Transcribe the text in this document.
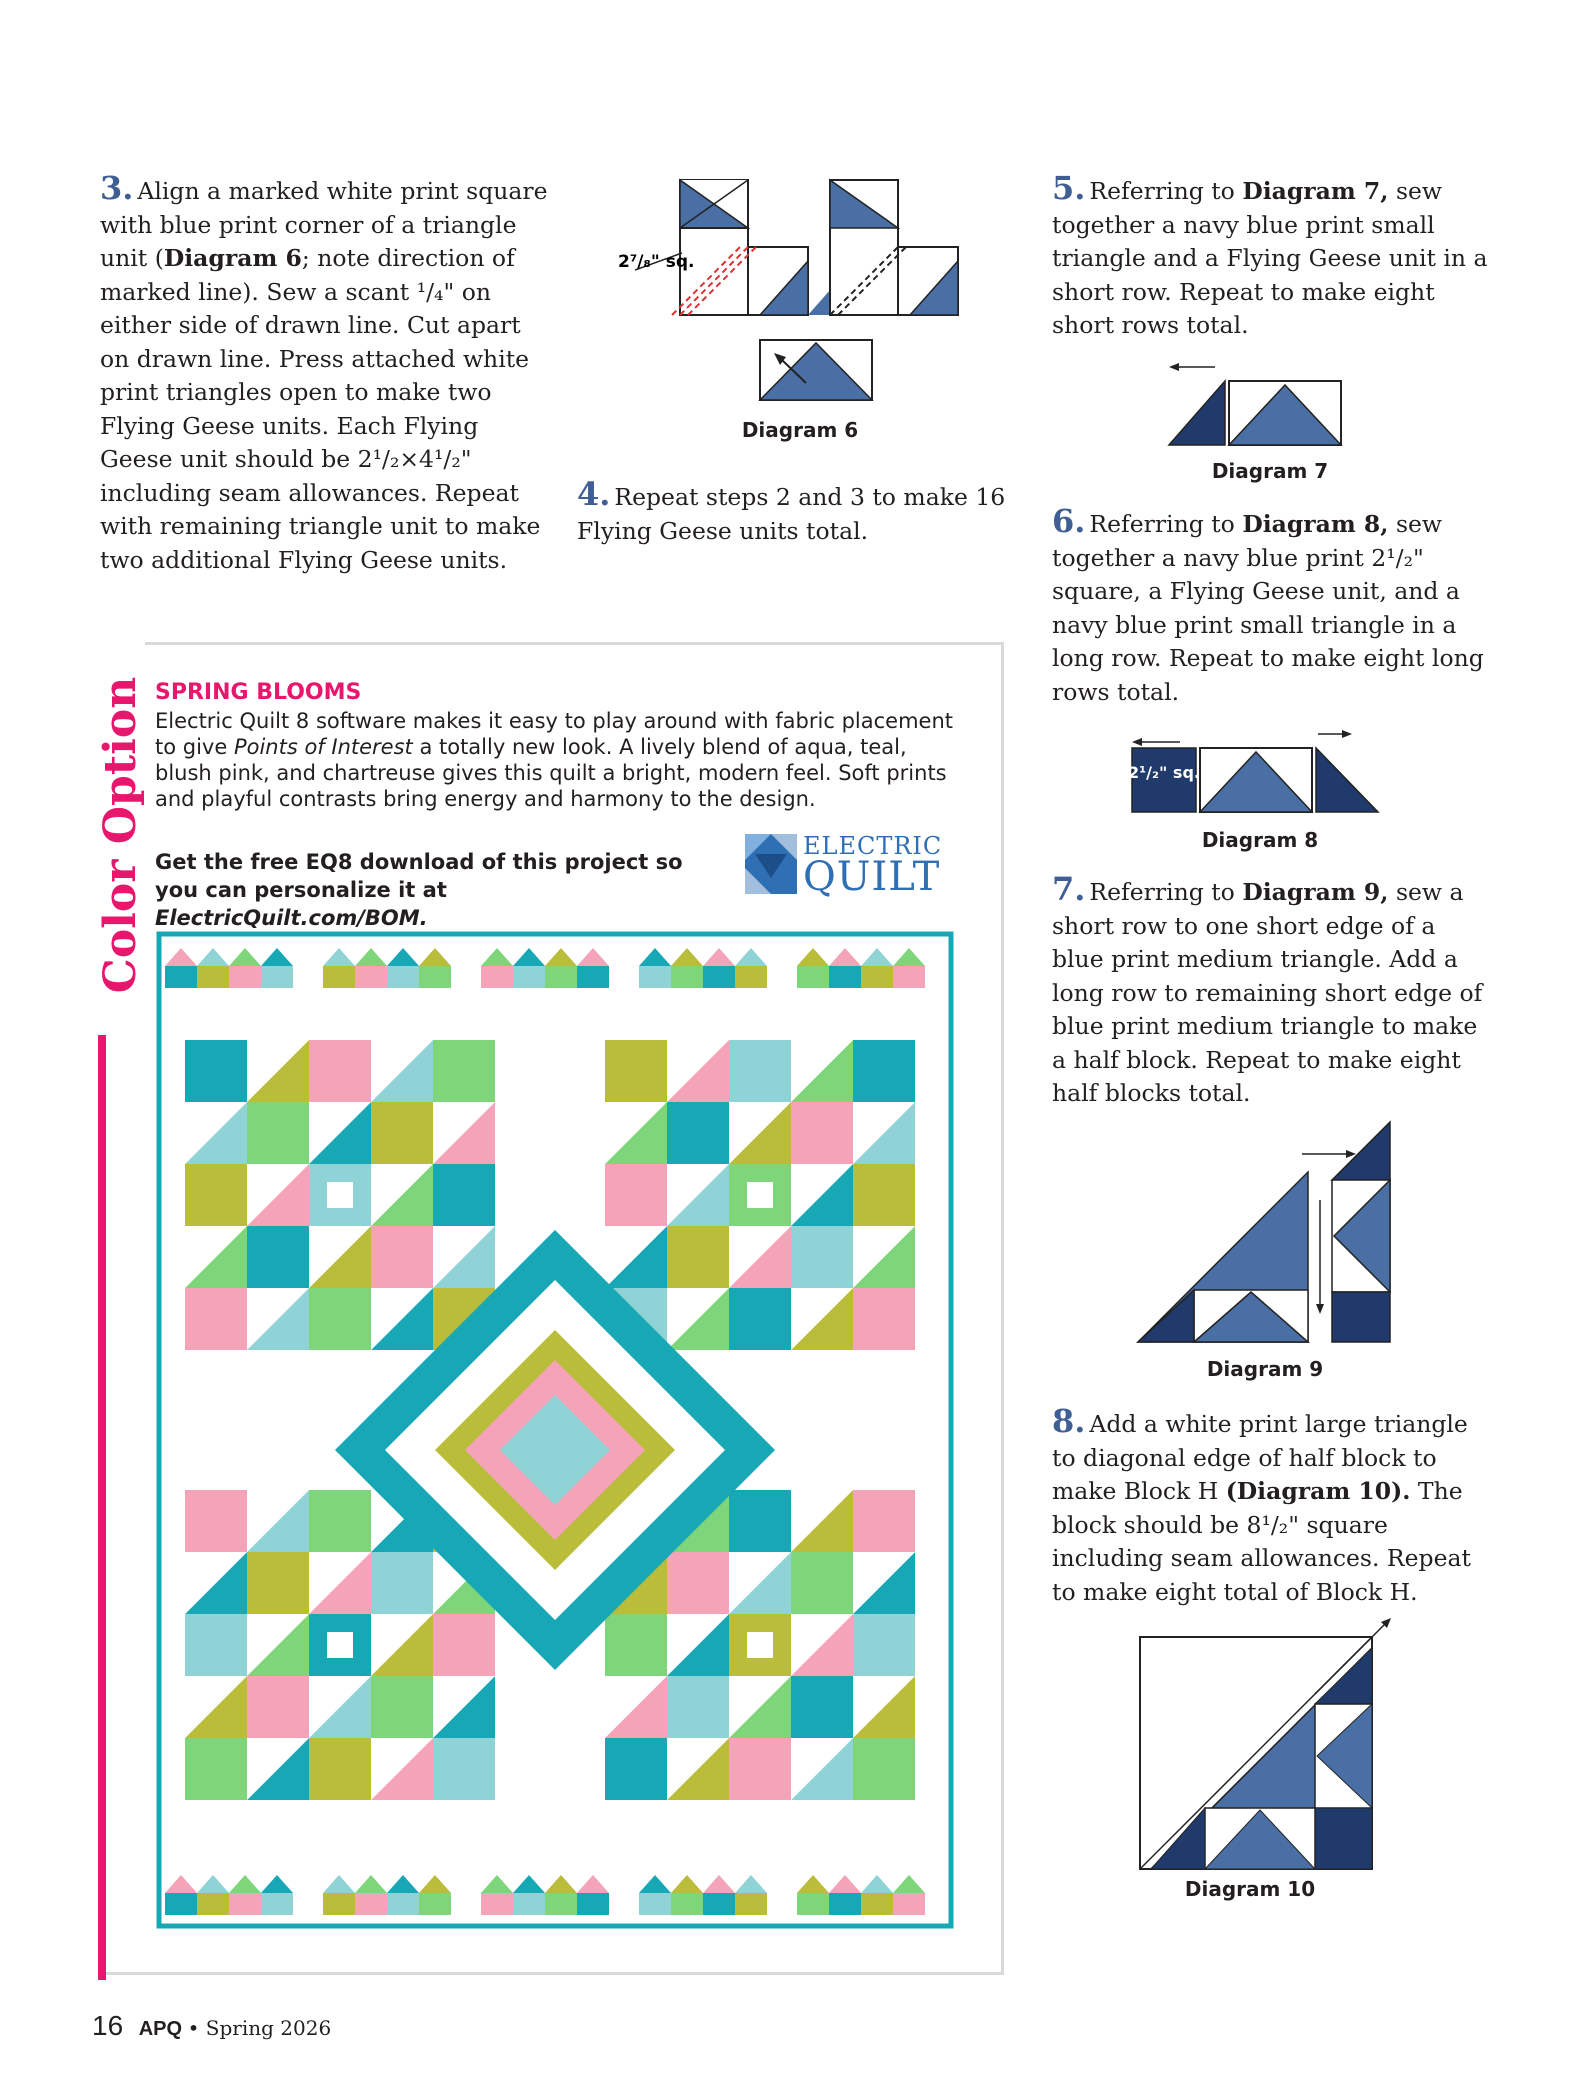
3. Align a marked white print square with blue print corner of a triangle unit (Diagram 6; note direction of marked line). Sew a scant ¹/₄" on either side of drawn line. Cut apart on drawn line. Press attached white print triangles open to make two Flying Geese units. Each Flying Geese unit should be 2¹/₂×4¹/₂" including seam allowances. Repeat with remaining triangle unit to make two additional Flying Geese units.

2⁷/₈" sq.
Diagram 6

4. Repeat steps 2 and 3 to make 16 Flying Geese units total.

5. Referring to Diagram 7, sew together a navy blue print small triangle and a Flying Geese unit in a short row. Repeat to make eight short rows total.

Diagram 7

6. Referring to Diagram 8, sew together a navy blue print 2¹/₂" square, a Flying Geese unit, and a navy blue print small triangle in a long row. Repeat to make eight long rows total.

2¹/₂" sq.
Diagram 8

7. Referring to Diagram 9, sew a short row to one short edge of a blue print medium triangle. Add a long row to remaining short edge of blue print medium triangle to make a half block. Repeat to make eight half blocks total.

Diagram 9

8. Add a white print large triangle to diagonal edge of half block to make Block H (Diagram 10). The block should be 8¹/₂" square including seam allowances. Repeat to make eight total of Block H.

Diagram 10
Color Option SPRING BLOOMS
Electric Quilt 8 software makes it easy to play around with fabric placement to give Points of Interest a totally new look. A lively blend of aqua, teal, blush pink, and chartreuse gives this quilt a bright, modern feel. Soft prints and playful contrasts bring energy and harmony to the design.
Get the free EQ8 download of this project so you can personalize it at ElectricQuilt.com/BOM.
ELECTRIC
QUILT
16 APQ • Spring 2026
